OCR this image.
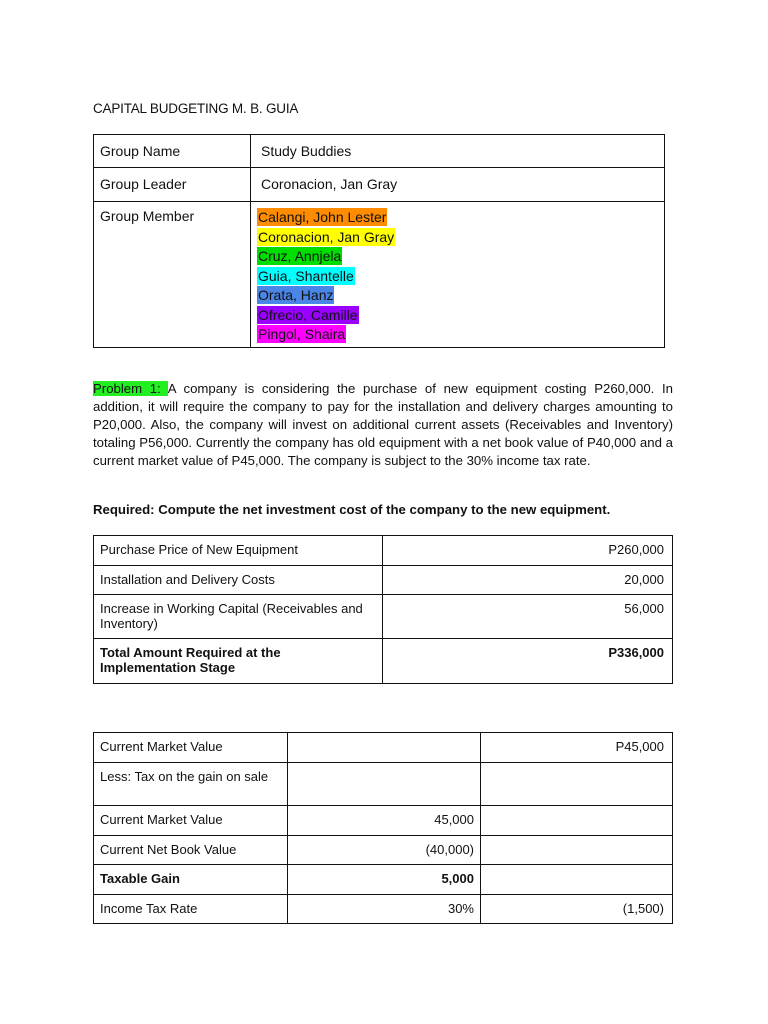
CAPITAL BUDGETING M. B. GUIA
Group Name	Study Buddies
Group Leader	Coronacion, Jan Gray
Group Member	Calangi, John Lester
Coronacion, Jan Gray
Cruz, Annjela
Guia, Shantelle
Orata, Hanz
Ofrecio, Camille
Pingol, Shaira
Problem 1: A company is considering the purchase of new equipment costing P260,000. In addition, it will require the company to pay for the installation and delivery charges amounting to P20,000. Also, the company will invest on additional current assets (Receivables and Inventory) totaling P56,000. Currently the company has old equipment with a net book value of P40,000 and a current market value of P45,000. The company is subject to the 30% income tax rate.
Required: Compute the net investment cost of the company to the new equipment.
Purchase Price of New Equipment	P260,000
Installation and Delivery Costs	20,000
Increase in Working Capital (Receivables and Inventory)	56,000
Total Amount Required at the Implementation Stage	P336,000
Current Market Value		P45,000
Less: Tax on the gain on sale		
Current Market Value	45,000	
Current Net Book Value	(40,000)	
Taxable Gain	5,000	
Income Tax Rate	30%	(1,500)
